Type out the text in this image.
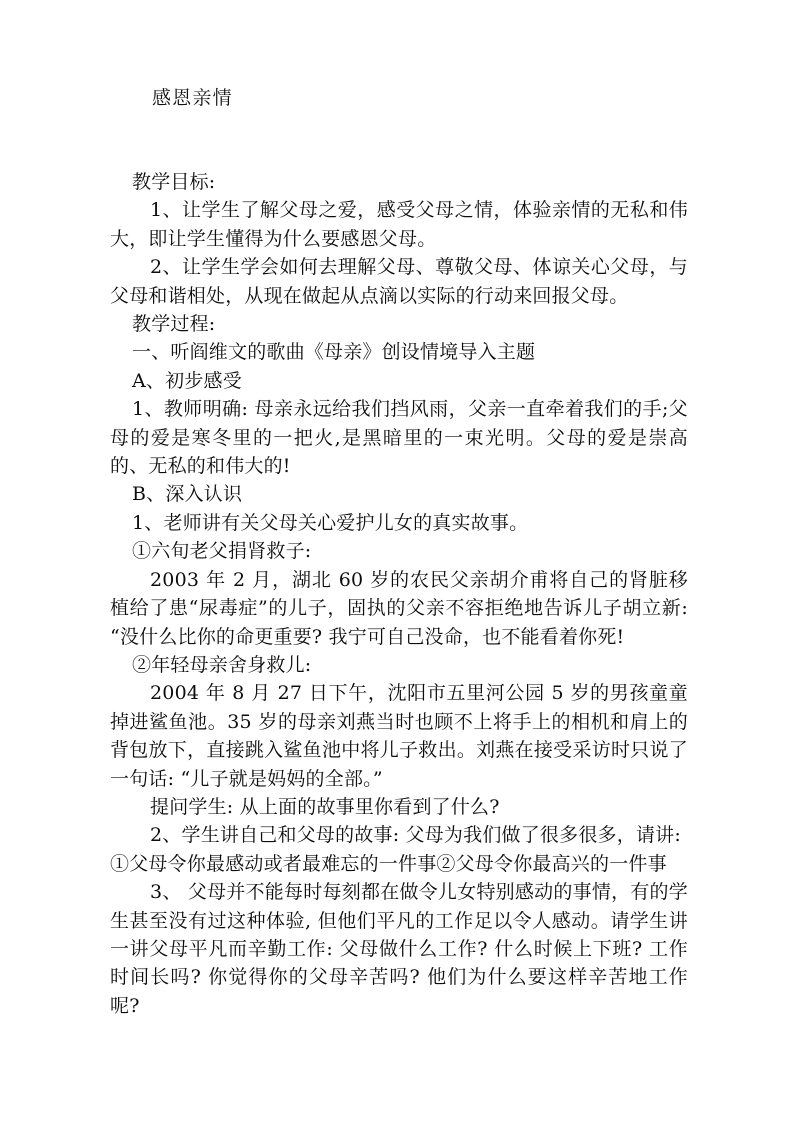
感恩亲情

教学目标:

1、让学生了解父母之爱，感受父母之情，体验亲情的无私和伟大，即让学生懂得为什么要感恩父母。

2、让学生学会如何去理解父母、尊敬父母、体谅关心父母，与父母和谐相处，从现在做起从点滴以实际的行动来回报父母。

教学过程:

一、听阎维文的歌曲《母亲》创设情境导入主题

A、初步感受

1、教师明确: 母亲永远给我们挡风雨，父亲一直牵着我们的手;父母的爱是寒冬里的一把火,是黑暗里的一束光明。父母的爱是崇高的、无私的和伟大的!

B、深入认识

1、老师讲有关父母关心爱护儿女的真实故事。

①六旬老父捐肾救子:

2003 年 2 月，湖北 60 岁的农民父亲胡介甫将自己的肾脏移植给了患“尿毒症”的儿子，固执的父亲不容拒绝地告诉儿子胡立新: “没什么比你的命更重要? 我宁可自己没命，也不能看着你死!

②年轻母亲舍身救儿:

2004 年 8 月 27 日下午，沈阳市五里河公园 5 岁的男孩童童掉进鲨鱼池。35 岁的母亲刘燕当时也顾不上将手上的相机和肩上的背包放下，直接跳入鲨鱼池中将儿子救出。刘燕在接受采访时只说了一句话: “儿子就是妈妈的全部。”

提问学生: 从上面的故事里你看到了什么?

2、学生讲自己和父母的故事: 父母为我们做了很多很多，请讲:

①父母令你最感动或者最难忘的一件事②父母令你最高兴的一件事

3、 父母并不能每时每刻都在做令儿女特别感动的事情，有的学生甚至没有过这种体验, 但他们平凡的工作足以令人感动。请学生讲一讲父母平凡而辛勤工作: 父母做什么工作? 什么时候上下班? 工作时间长吗? 你觉得你的父母辛苦吗? 他们为什么要这样辛苦地工作呢?
